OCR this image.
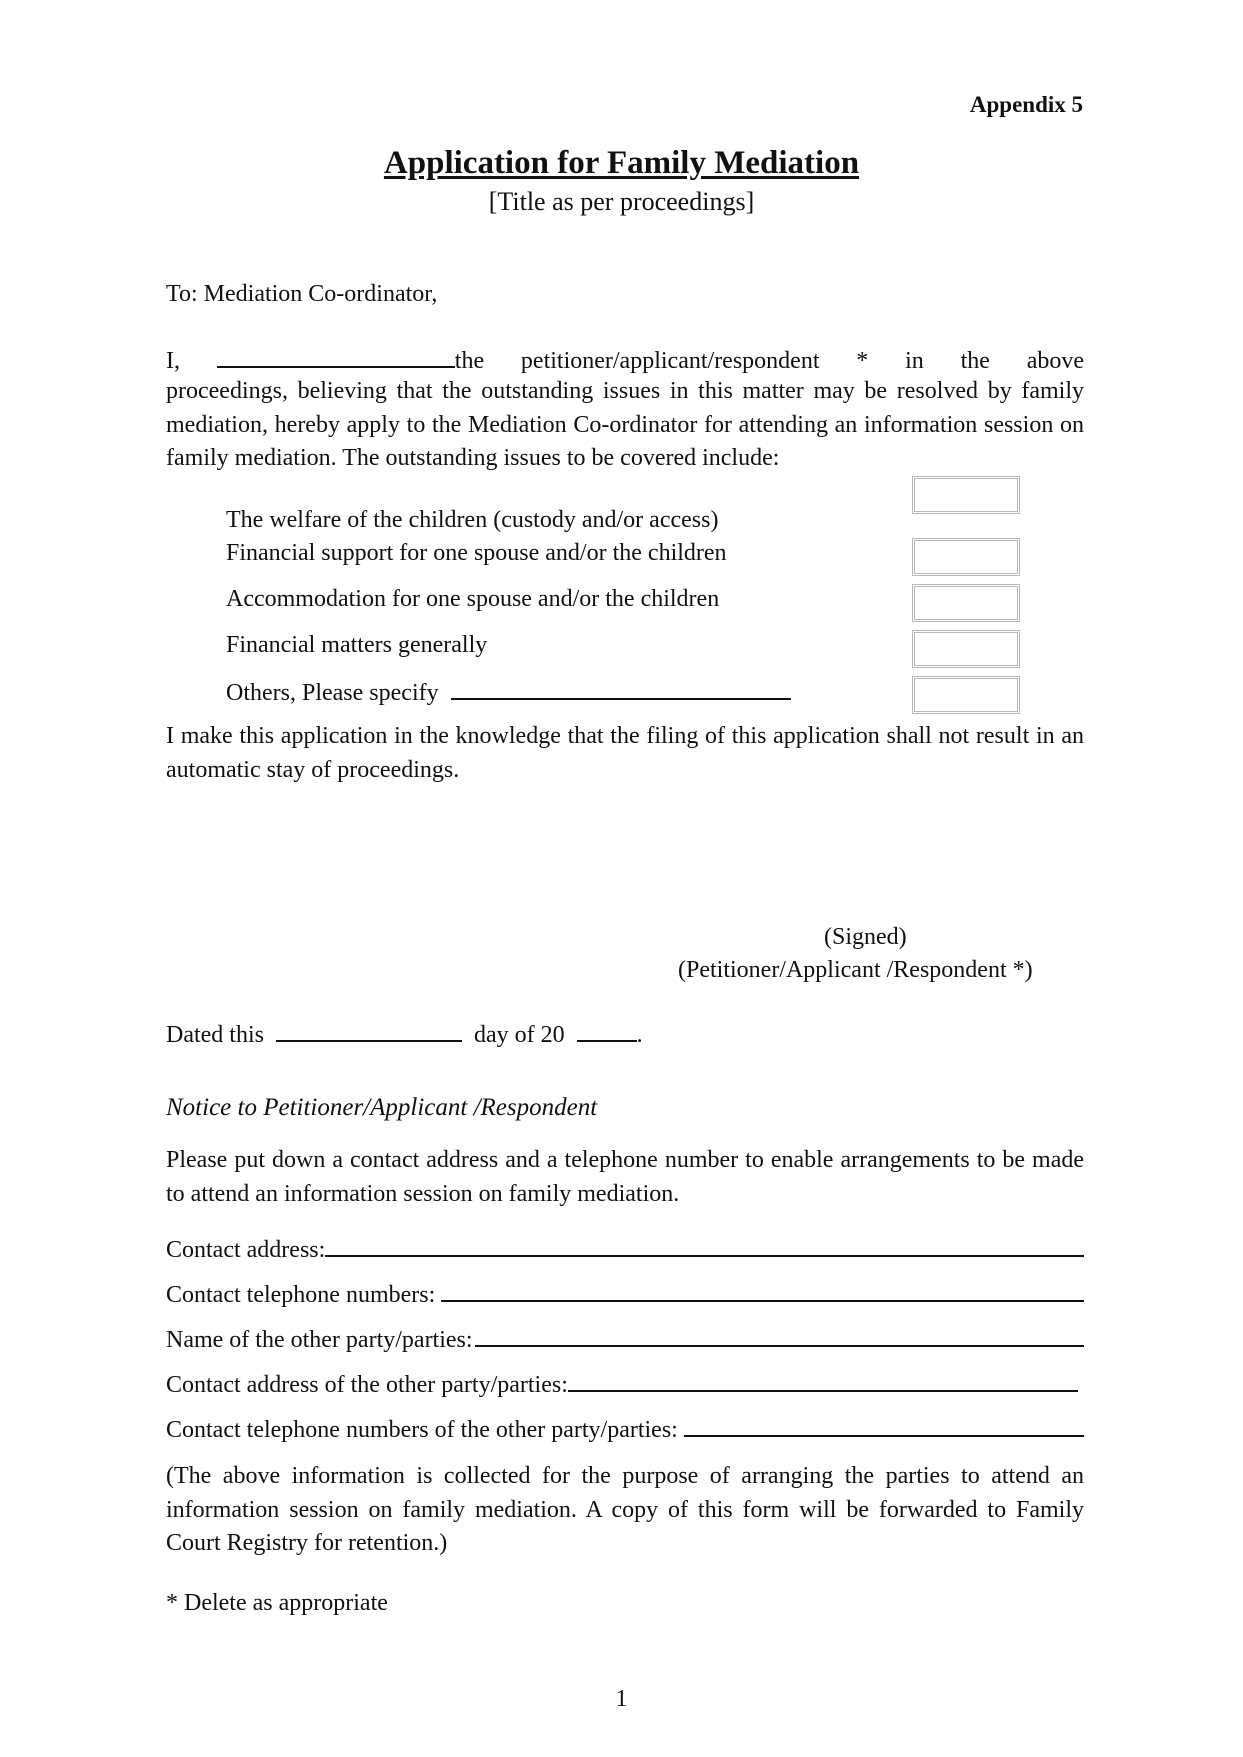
Appendix 5
Application for Family Mediation
[Title as per proceedings]
To: Mediation Co-ordinator,
I,	the petitioner/applicant/respondent * in the above
proceedings, believing that the outstanding issues in this matter may be resolved by family mediation, hereby apply to the Mediation Co-ordinator for attending an information session on family mediation. The outstanding issues to be covered include:
The welfare of the children (custody and/or access)
Financial support for one spouse and/or the children
Accommodation for one spouse and/or the children
Financial matters generally
Others, Please specify
I make this application in the knowledge that the filing of this application shall not result in an automatic stay of proceedings.
(Signed)
(Petitioner/Applicant /Respondent *)
Dated this	day of 20	.
Notice to Petitioner/Applicant /Respondent
Please put down a contact address and a telephone number to enable arrangements to be made to attend an information session on family mediation.
Contact address:
Contact telephone numbers:
Name of the other party/parties:
Contact address of the other party/parties:
Contact telephone numbers of the other party/parties:
(The above information is collected for the purpose of arranging the parties to attend an information session on family mediation. A copy of this form will be forwarded to Family Court Registry for retention.)
* Delete as appropriate
1
